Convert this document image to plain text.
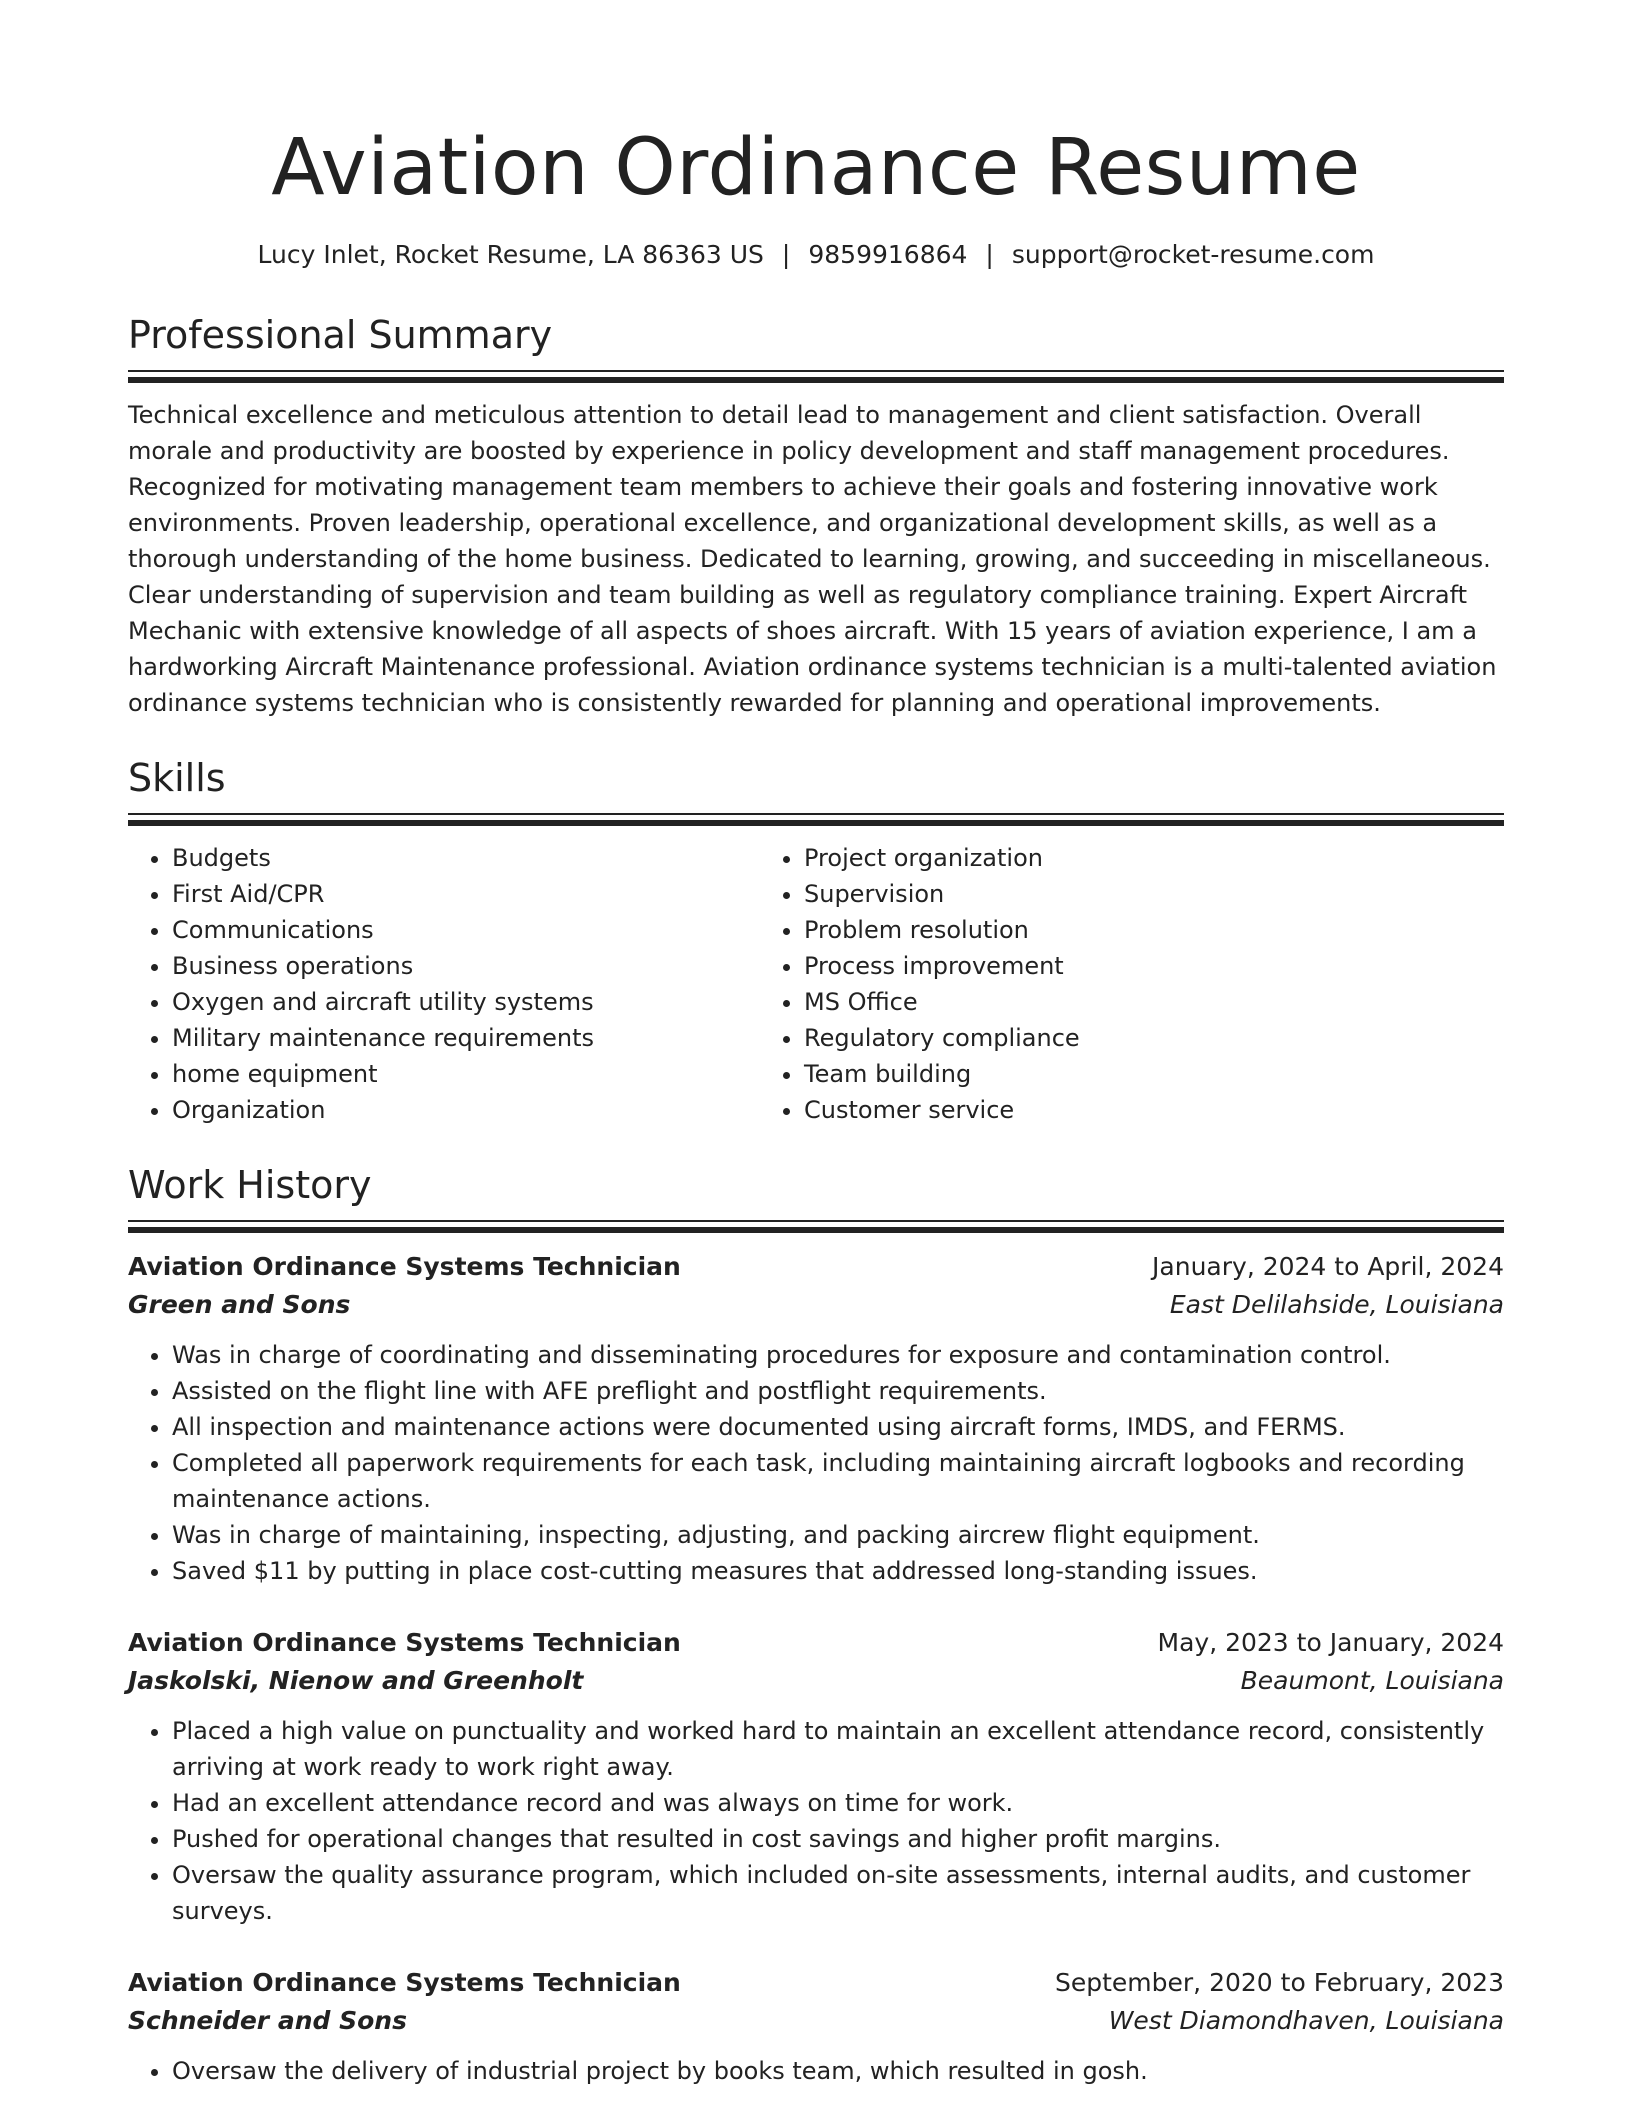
Aviation Ordinance Resume
Lucy Inlet, Rocket Resume, LA 86363 US | 9859916864 | support@rocket-resume.com
Professional Summary

Technical excellence and meticulous attention to detail lead to management and client satisfaction. Overall morale and productivity are boosted by experience in policy development and staff management procedures. Recognized for motivating management team members to achieve their goals and fostering innovative work environments. Proven leadership, operational excellence, and organizational development skills, as well as a thorough understanding of the home business. Dedicated to learning, growing, and succeeding in miscellaneous. Clear understanding of supervision and team building as well as regulatory compliance training. Expert Aircraft Mechanic with extensive knowledge of all aspects of shoes aircraft. With 15 years of aviation experience, I am a hardworking Aircraft Maintenance professional. Aviation ordinance systems technician is a multi-talented aviation ordinance systems technician who is consistently rewarded for planning and operational improvements.

Skills
• Budgets
• First Aid/CPR
• Communications
• Business operations
• Oxygen and aircraft utility systems
• Military maintenance requirements
• home equipment
• Organization
• Project organization
• Supervision
• Problem resolution
• Process improvement
• MS Office
• Regulatory compliance
• Team building
• Customer service
Work History
Aviation Ordinance Systems Technician	January, 2024 to April, 2024
Green and Sons	East Delilahside, Louisiana
• Was in charge of coordinating and disseminating procedures for exposure and contamination control.
• Assisted on the flight line with AFE preflight and postflight requirements.
• All inspection and maintenance actions were documented using aircraft forms, IMDS, and FERMS.
• Completed all paperwork requirements for each task, including maintaining aircraft logbooks and recording maintenance actions.
• Was in charge of maintaining, inspecting, adjusting, and packing aircrew flight equipment.
• Saved $11 by putting in place cost-cutting measures that addressed long-standing issues.
Aviation Ordinance Systems Technician	May, 2023 to January, 2024
Jaskolski, Nienow and Greenholt	Beaumont, Louisiana
• Placed a high value on punctuality and worked hard to maintain an excellent attendance record, consistently arriving at work ready to work right away.
• Had an excellent attendance record and was always on time for work.
• Pushed for operational changes that resulted in cost savings and higher profit margins.
• Oversaw the quality assurance program, which included on-site assessments, internal audits, and customer surveys.
Aviation Ordinance Systems Technician	September, 2020 to February, 2023
Schneider and Sons	West Diamondhaven, Louisiana
• Oversaw the delivery of industrial project by books team, which resulted in gosh.
